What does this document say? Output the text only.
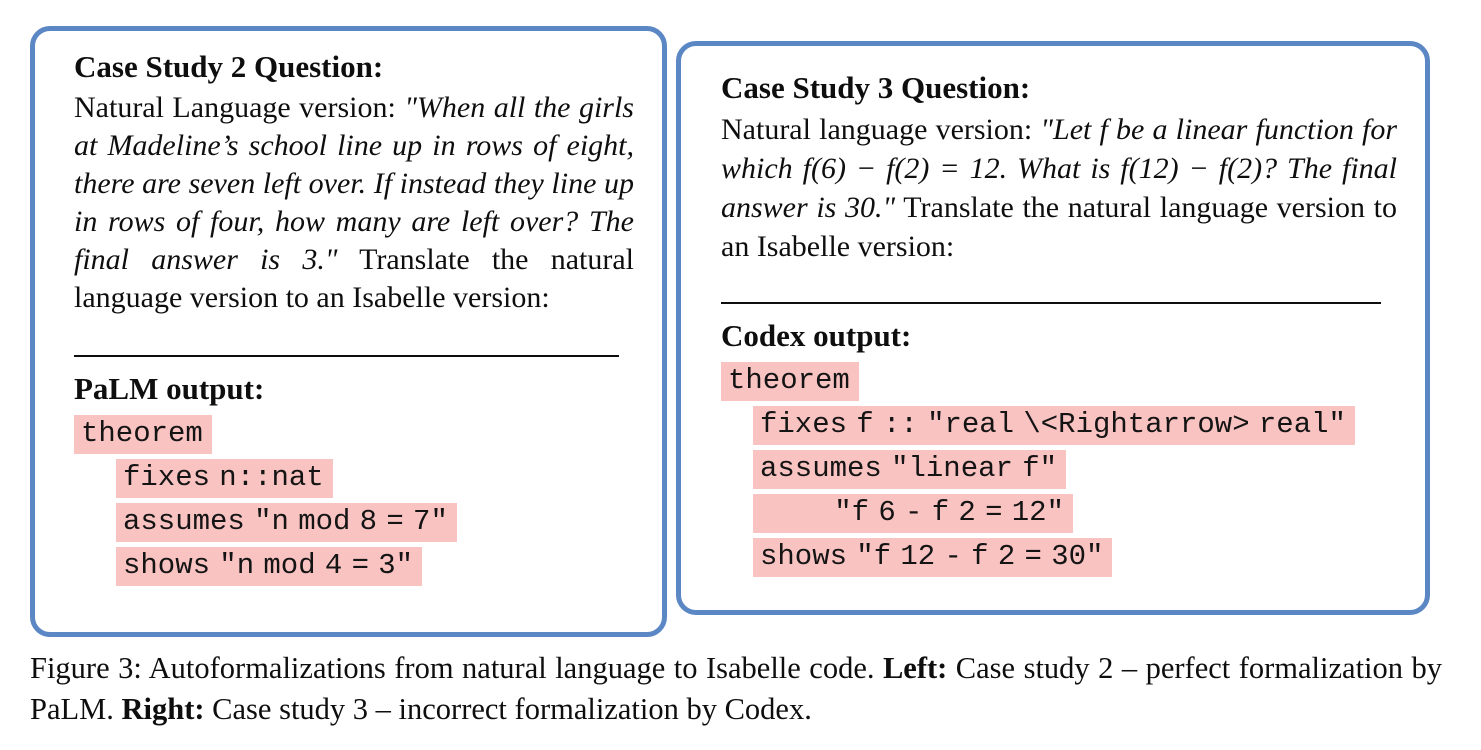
Case Study 2 Question:

Natural Language version: "When all the girls at Madeline’s school line up in rows of eight, there are seven left over. If instead they line up in rows of four, how many are left over? The final answer is 3." Translate the natural language version to an Isabelle version:

PaLM output:
theorem
fixes n::nat
assumes "n mod 8 = 7"
shows "n mod 4 = 3"
Case Study 3 Question:

Natural language version: "Let f be a linear function for which f(6) − f(2) = 12. What is f(12) − f(2)? The final answer is 30." Translate the natural language version to an Isabelle version:

Codex output:
theorem
fixes f :: "real \<Rightarrow> real"
assumes "linear f"
"f 6 - f 2 = 12"
shows "f 12 - f 2 = 30"

Figure 3: Autoformalizations from natural language to Isabelle code. Left: Case study 2 – perfect formalization by PaLM. Right: Case study 3 – incorrect formalization by Codex.
